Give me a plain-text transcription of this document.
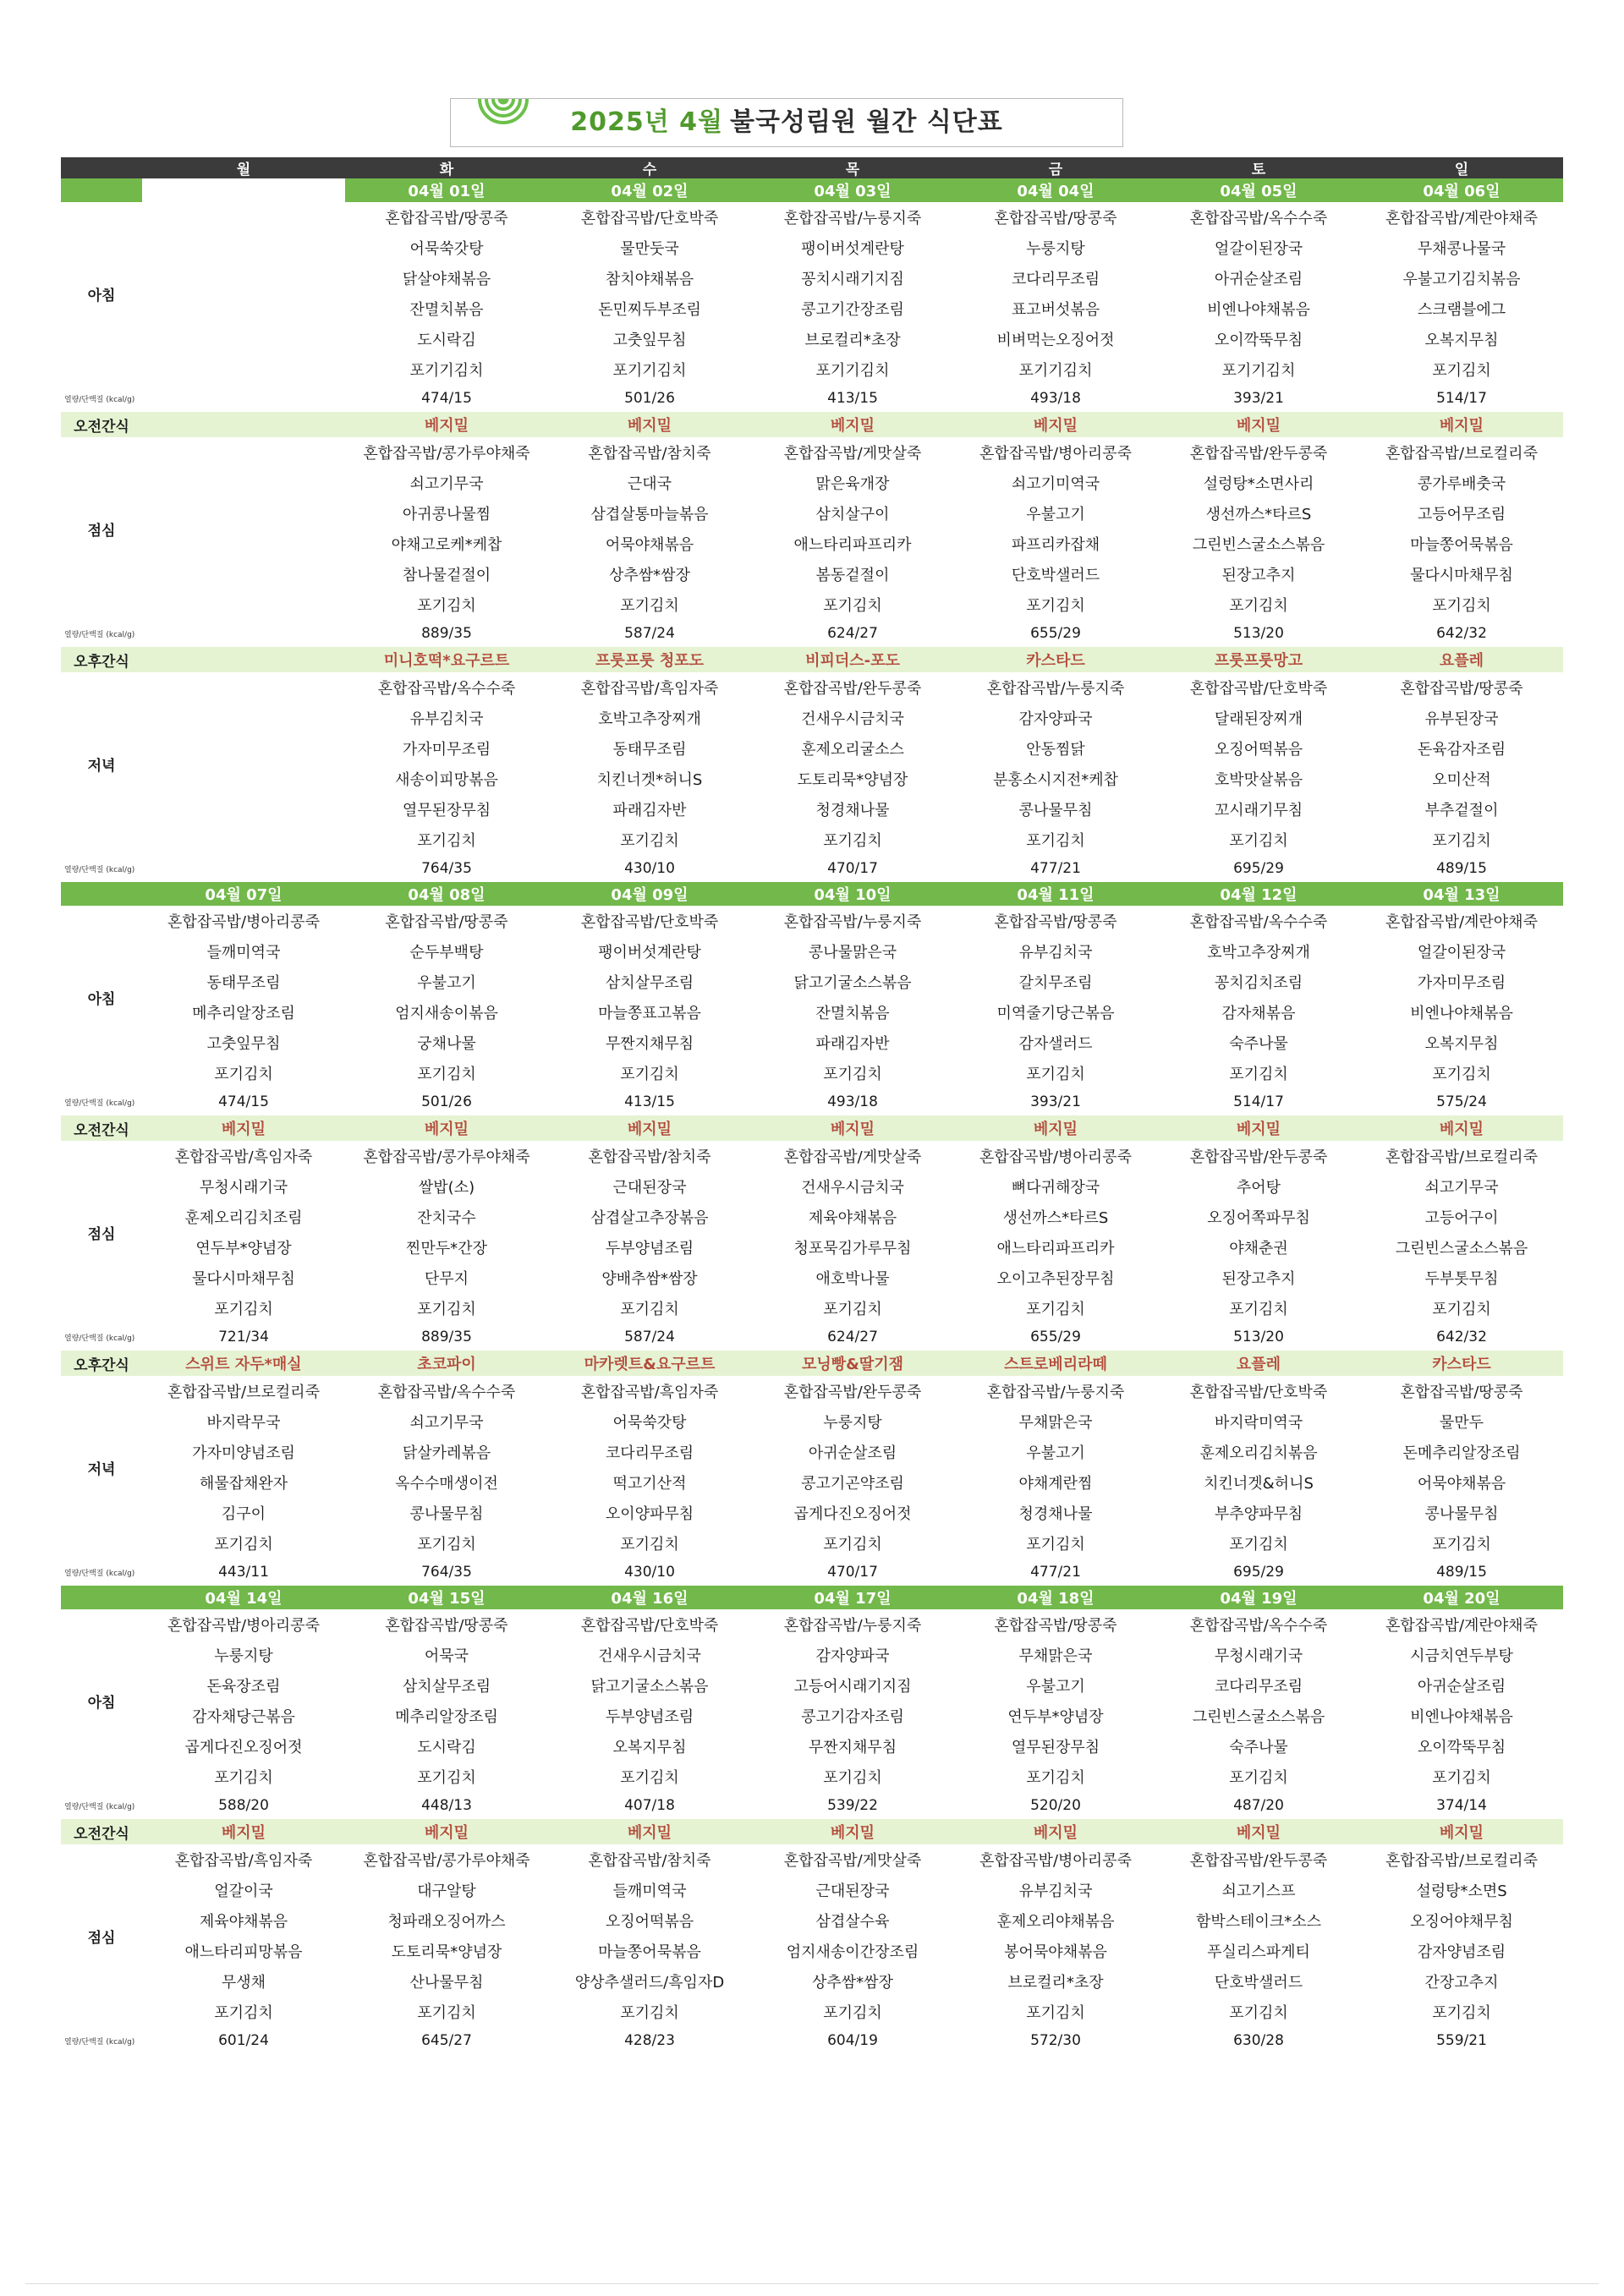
2025년 4월 불국성림원 월간 식단표
	월	화	수	목	금	토	일
		04월 01일	04월 02일	04월 03일	04월 04일	04월 05일	04월 06일
아침		혼합잡곡밥/땅콩죽	혼합잡곡밥/단호박죽	혼합잡곡밥/누룽지죽	혼합잡곡밥/땅콩죽	혼합잡곡밥/옥수수죽	혼합잡곡밥/계란야채죽
		어묵쑥갓탕	물만둣국	팽이버섯계란탕	누룽지탕	얼갈이된장국	무채콩나물국
		닭살야채볶음	참치야채볶음	꽁치시래기지짐	코다리무조림	아귀순살조림	우불고기김치볶음
		잔멸치볶음	돈민찌두부조림	콩고기간장조림	표고버섯볶음	비엔나야채볶음	스크램블에그
		도시락김	고춧잎무침	브로컬리*초장	비벼먹는오징어젓	오이깍뚝무침	오복지무침
		포기기김치	포기기김치	포기기김치	포기기김치	포기기김치	포기김치
열량/단백질 (kcal/g)		474/15	501/26	413/15	493/18	393/21	514/17
오전간식		베지밀	베지밀	베지밀	베지밀	베지밀	베지밀
점심		혼합잡곡밥/콩가루야채죽	혼합잡곡밥/참치죽	혼합잡곡밥/게맛살죽	혼합잡곡밥/병아리콩죽	혼합잡곡밥/완두콩죽	혼합잡곡밥/브로컬리죽
		쇠고기무국	근대국	맑은육개장	쇠고기미역국	설렁탕*소면사리	콩가루배춧국
		아귀콩나물찜	삼겹살통마늘볶음	삼치살구이	우불고기	생선까스*타르S	고등어무조림
		야채고로케*케찹	어묵야채볶음	애느타리파프리카	파프리카잡채	그린빈스굴소스볶음	마늘쫑어묵볶음
		참나물겉절이	상추쌈*쌈장	봄동겉절이	단호박샐러드	된장고추지	물다시마채무침
		포기김치	포기김치	포기김치	포기김치	포기김치	포기김치
열량/단백질 (kcal/g)		889/35	587/24	624/27	655/29	513/20	642/32
오후간식		미니호떡*요구르트	프룻프룻 청포도	비피더스-포도	카스타드	프룻프룻망고	요플레
저녁		혼합잡곡밥/옥수수죽	혼합잡곡밥/흑임자죽	혼합잡곡밥/완두콩죽	혼합잡곡밥/누룽지죽	혼합잡곡밥/단호박죽	혼합잡곡밥/땅콩죽
		유부김치국	호박고추장찌개	건새우시금치국	감자양파국	달래된장찌개	유부된장국
		가자미무조림	동태무조림	훈제오리굴소스	안동찜닭	오징어떡볶음	돈육감자조림
		새송이피망볶음	치킨너겟*허니S	도토리묵*양념장	분홍소시지전*케찹	호박맛살볶음	오미산적
		열무된장무침	파래김자반	청경채나물	콩나물무침	꼬시래기무침	부추겉절이
		포기김치	포기김치	포기김치	포기김치	포기김치	포기김치
열량/단백질 (kcal/g)		764/35	430/10	470/17	477/21	695/29	489/15
	04월 07일	04월 08일	04월 09일	04월 10일	04월 11일	04월 12일	04월 13일
아침	혼합잡곡밥/병아리콩죽	혼합잡곡밥/땅콩죽	혼합잡곡밥/단호박죽	혼합잡곡밥/누룽지죽	혼합잡곡밥/땅콩죽	혼합잡곡밥/옥수수죽	혼합잡곡밥/계란야채죽
	들깨미역국	순두부백탕	팽이버섯계란탕	콩나물맑은국	유부김치국	호박고추장찌개	얼갈이된장국
	동태무조림	우불고기	삼치살무조림	닭고기굴소스볶음	갈치무조림	꽁치김치조림	가자미무조림
	메추리알장조림	엄지새송이볶음	마늘쫑표고볶음	잔멸치볶음	미역줄기당근볶음	감자채볶음	비엔나야채볶음
	고춧잎무침	궁채나물	무짠지채무침	파래김자반	감자샐러드	숙주나물	오복지무침
	포기김치	포기김치	포기김치	포기김치	포기김치	포기김치	포기김치
열량/단백질 (kcal/g)	474/15	501/26	413/15	493/18	393/21	514/17	575/24
오전간식	베지밀	베지밀	베지밀	베지밀	베지밀	베지밀	베지밀
점심	혼합잡곡밥/흑임자죽	혼합잡곡밥/콩가루야채죽	혼합잡곡밥/참치죽	혼합잡곡밥/게맛살죽	혼합잡곡밥/병아리콩죽	혼합잡곡밥/완두콩죽	혼합잡곡밥/브로컬리죽
	무청시래기국	쌀밥(소)	근대된장국	건새우시금치국	뼈다귀해장국	추어탕	쇠고기무국
	훈제오리김치조림	잔치국수	삼겹살고추장볶음	제육야채볶음	생선까스*타르S	오징어쪽파무침	고등어구이
	연두부*양념장	찐만두*간장	두부양념조림	청포묵김가루무침	애느타리파프리카	야채춘권	그린빈스굴소스볶음
	물다시마채무침	단무지	양배추쌈*쌈장	애호박나물	오이고추된장무침	된장고추지	두부톳무침
	포기김치	포기김치	포기김치	포기김치	포기김치	포기김치	포기김치
열량/단백질 (kcal/g)	721/34	889/35	587/24	624/27	655/29	513/20	642/32
오후간식	스위트 자두*매실	초코파이	마카렛트&요구르트	모닝빵&딸기잼	스트로베리라떼	요플레	카스타드
저녁	혼합잡곡밥/브로컬리죽	혼합잡곡밥/옥수수죽	혼합잡곡밥/흑임자죽	혼합잡곡밥/완두콩죽	혼합잡곡밥/누룽지죽	혼합잡곡밥/단호박죽	혼합잡곡밥/땅콩죽
	바지락무국	쇠고기무국	어묵쑥갓탕	누룽지탕	무채맑은국	바지락미역국	물만두
	가자미양념조림	닭살카레볶음	코다리무조림	아귀순살조림	우불고기	훈제오리김치볶음	돈메추리알장조림
	해물잡채완자	옥수수매생이전	떡고기산적	콩고기곤약조림	야채계란찜	치킨너겟&허니S	어묵야채볶음
	김구이	콩나물무침	오이양파무침	곱게다진오징어젓	청경채나물	부추양파무침	콩나물무침
	포기김치	포기김치	포기김치	포기김치	포기김치	포기김치	포기김치
열량/단백질 (kcal/g)	443/11	764/35	430/10	470/17	477/21	695/29	489/15
	04월 14일	04월 15일	04월 16일	04월 17일	04월 18일	04월 19일	04월 20일
아침	혼합잡곡밥/병아리콩죽	혼합잡곡밥/땅콩죽	혼합잡곡밥/단호박죽	혼합잡곡밥/누룽지죽	혼합잡곡밥/땅콩죽	혼합잡곡밥/옥수수죽	혼합잡곡밥/계란야채죽
	누룽지탕	어묵국	건새우시금치국	감자양파국	무채맑은국	무청시래기국	시금치연두부탕
	돈육장조림	삼치살무조림	닭고기굴소스볶음	고등어시래기지짐	우불고기	코다리무조림	아귀순살조림
	감자채당근볶음	메추리알장조림	두부양념조림	콩고기감자조림	연두부*양념장	그린빈스굴소스볶음	비엔나야채볶음
	곱게다진오징어젓	도시락김	오복지무침	무짠지채무침	열무된장무침	숙주나물	오이깍뚝무침
	포기김치	포기김치	포기김치	포기김치	포기김치	포기김치	포기김치
열량/단백질 (kcal/g)	588/20	448/13	407/18	539/22	520/20	487/20	374/14
오전간식	베지밀	베지밀	베지밀	베지밀	베지밀	베지밀	베지밀
점심	혼합잡곡밥/흑임자죽	혼합잡곡밥/콩가루야채죽	혼합잡곡밥/참치죽	혼합잡곡밥/게맛살죽	혼합잡곡밥/병아리콩죽	혼합잡곡밥/완두콩죽	혼합잡곡밥/브로컬리죽
	얼갈이국	대구알탕	들깨미역국	근대된장국	유부김치국	쇠고기스프	설렁탕*소면S
	제육야채볶음	청파래오징어까스	오징어떡볶음	삼겹살수육	훈제오리야채볶음	함박스테이크*소스	오징어야채무침
	애느타리피망볶음	도토리묵*양념장	마늘쫑어묵볶음	엄지새송이간장조림	봉어묵야채볶음	푸실리스파게티	감자양념조림
	무생채	산나물무침	양상추샐러드/흑임자D	상추쌈*쌈장	브로컬리*초장	단호박샐러드	간장고추지
	포기김치	포기김치	포기김치	포기김치	포기김치	포기김치	포기김치
열량/단백질 (kcal/g)	601/24	645/27	428/23	604/19	572/30	630/28	559/21
